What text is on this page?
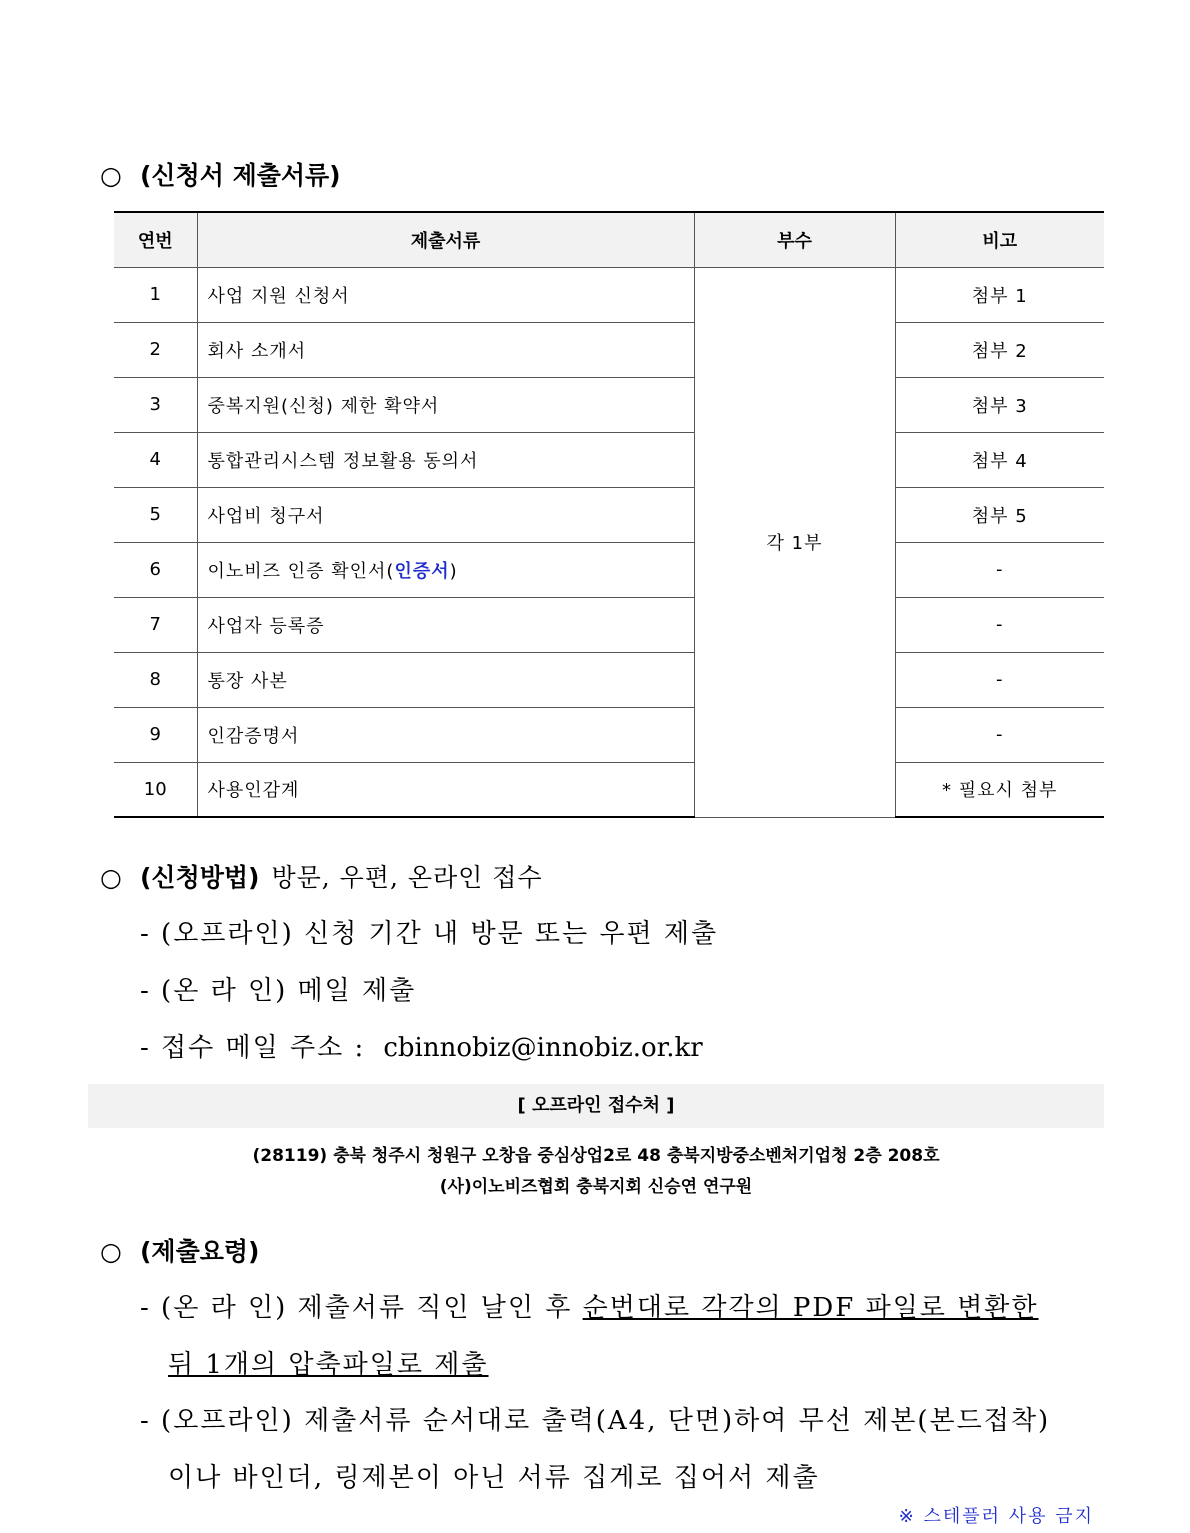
○ (신청서 제출서류)
연번	제출서류	부수	비고
1	사업 지원 신청서	각 1부	첨부 1
2	회사 소개서		첨부 2
3	중복지원(신청) 제한 확약서		첨부 3
4	통합관리시스템 정보활용 동의서		첨부 4
5	사업비 청구서		첨부 5
6	이노비즈 인증 확인서(인증서)		-
7	사업자 등록증		-
8	통장 사본		-
9	인감증명서		-
10	사용인감계		* 필요시 첨부
○ (신청방법) 방문, 우편, 온라인 접수
- (오프라인) 신청 기간 내 방문 또는 우편 제출
- (온 라 인) 메일 제출
- 접수 메일 주소 : cbinnobiz@innobiz.or.kr
[ 오프라인 접수처 ]
(28119) 충북 청주시 청원구 오창읍 중심상업2로 48 충북지방중소벤처기업청 2층 208호
(사)이노비즈협회 충북지회 신승연 연구원
○ (제출요령)
- (온 라 인) 제출서류 직인 날인 후 순번대로 각각의 PDF 파일로 변환한
뒤 1개의 압축파일로 제출
- (오프라인) 제출서류 순서대로 출력(A4, 단면)하여 무선 제본(본드접착)
이나 바인더, 링제본이 아닌 서류 집게로 집어서 제출
※ 스테플러 사용 금지
